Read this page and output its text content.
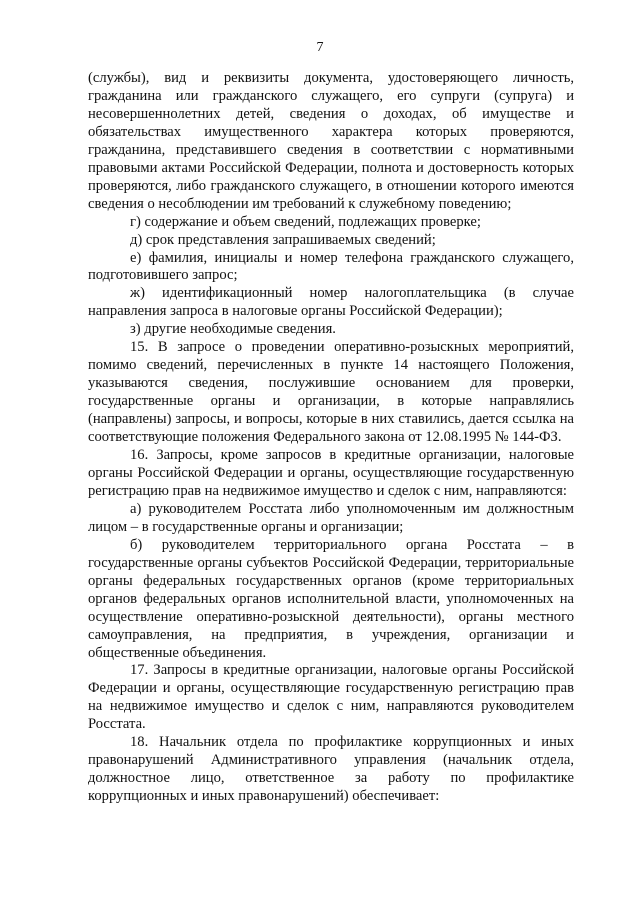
7

(службы), вид и реквизиты документа, удостоверяющего личность, гражданина или гражданского служащего, его супруги (супруга) и несовершеннолетних детей, сведения о доходах, об имуществе и обязательствах имущественного характера которых проверяются, гражданина, представившего сведения в соответствии с нормативными правовыми актами Российской Федерации, полнота и достоверность которых проверяются, либо гражданского служащего, в отношении которого имеются сведения о несоблюдении им требований к служебному поведению;

г) содержание и объем сведений, подлежащих проверке;

д) срок представления запрашиваемых сведений;

е) фамилия, инициалы и номер телефона гражданского служащего, подготовившего запрос;

ж) идентификационный номер налогоплательщика (в случае направления запроса в налоговые органы Российской Федерации);

з) другие необходимые сведения.

15. В запросе о проведении оперативно-розыскных мероприятий, помимо сведений, перечисленных в пункте 14 настоящего Положения, указываются сведения, послужившие основанием для проверки, государственные органы и организации, в которые направлялись (направлены) запросы, и вопросы, которые в них ставились, дается ссылка на соответствующие положения Федерального закона от 12.08.1995 № 144-ФЗ.

16. Запросы, кроме запросов в кредитные организации, налоговые органы Российской Федерации и органы, осуществляющие государственную регистрацию прав на недвижимое имущество и сделок с ним, направляются:

а) руководителем Росстата либо уполномоченным им должностным лицом – в государственные органы и организации;

б) руководителем территориального органа Росстата – в государственные органы субъектов Российской Федерации, территориальные органы федеральных государственных органов (кроме территориальных органов федеральных органов исполнительной власти, уполномоченных на осуществление оперативно-розыскной деятельности), органы местного самоуправления, на предприятия, в учреждения, организации и общественные объединения.

17. Запросы в кредитные организации, налоговые органы Российской Федерации и органы, осуществляющие государственную регистрацию прав на недвижимое имущество и сделок с ним, направляются руководителем Росстата.

18. Начальник отдела по профилактике коррупционных и иных правонарушений Административного управления (начальник отдела, должностное лицо, ответственное за работу по профилактике коррупционных и иных правонарушений) обеспечивает:
